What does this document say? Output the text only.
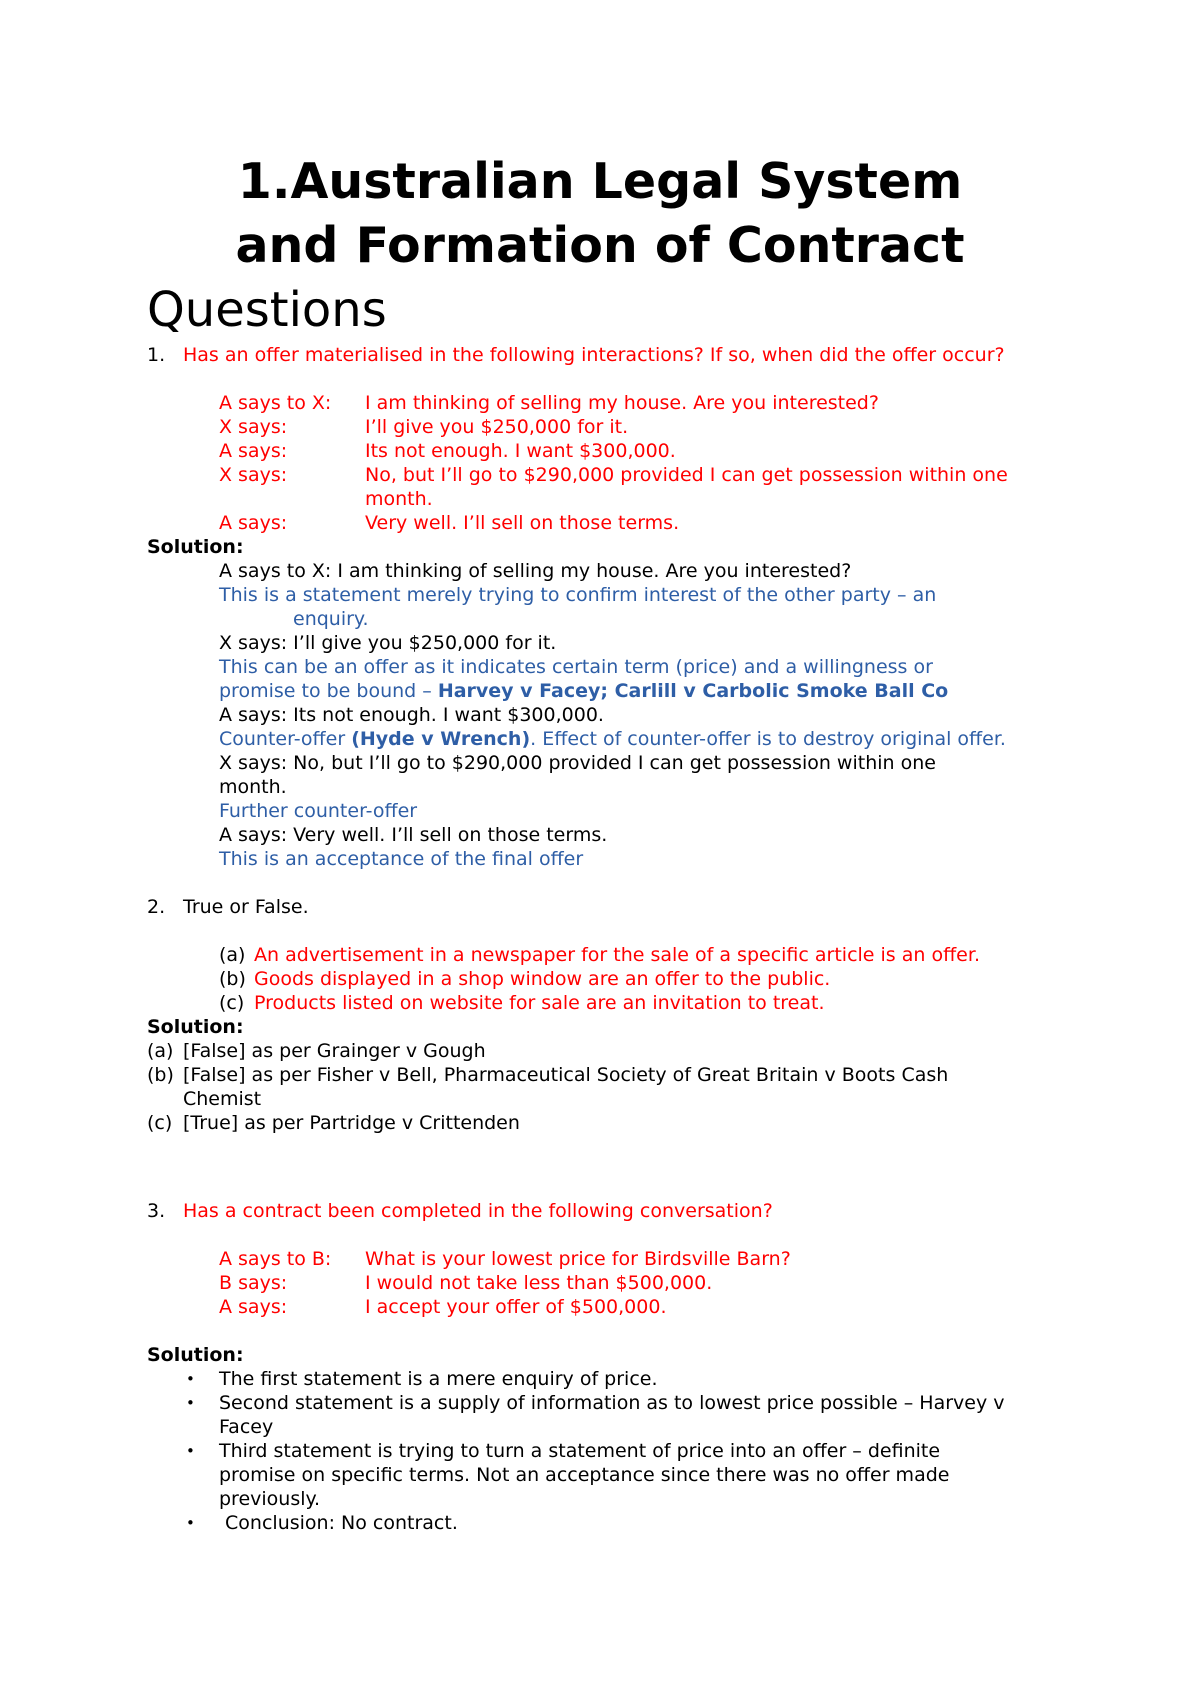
1.Australian Legal System
and Formation of Contract
Questions
1. Has an offer materialised in the following interactions? If so, when did the offer occur?
A says to X: I am thinking of selling my house. Are you interested?
X says:	I’ll give you $250,000 for it.
A says:	Its not enough. I want $300,000.
X says:	No, but I’ll go to $290,000 provided I can get possession within one
month.
A says:	Very well. I’ll sell on those terms.
Solution:
A says to X: I am thinking of selling my house. Are you interested?
This is a statement merely trying to confirm interest of the other party – an
enquiry.
X says: I’ll give you $250,000 for it.
This can be an offer as it indicates certain term (price) and a willingness or
promise to be bound – Harvey v Facey; Carlill v Carbolic Smoke Ball Co
A says: Its not enough. I want $300,000.
Counter-offer (Hyde v Wrench). Effect of counter-offer is to destroy original offer.
X says: No, but I’ll go to $290,000 provided I can get possession within one
month.
Further counter-offer
A says: Very well. I’ll sell on those terms.
This is an acceptance of the final offer
2. True or False.
(a) An advertisement in a newspaper for the sale of a specific article is an offer.
(b) Goods displayed in a shop window are an offer to the public.
(c) Products listed on website for sale are an invitation to treat.
Solution:
(a) [False] as per Grainger v Gough
(b) [False] as per Fisher v Bell, Pharmaceutical Society of Great Britain v Boots Cash
Chemist
(c) [True] as per Partridge v Crittenden
3. Has a contract been completed in the following conversation?
A says to B: What is your lowest price for Birdsville Barn?
B says:	I would not take less than $500,000.
A says:	I accept your offer of $500,000.
Solution:
• The first statement is a mere enquiry of price.
• Second statement is a supply of information as to lowest price possible – Harvey v
Facey
• Third statement is trying to turn a statement of price into an offer – definite
promise on specific terms. Not an acceptance since there was no offer made
previously.
• Conclusion: No contract.
